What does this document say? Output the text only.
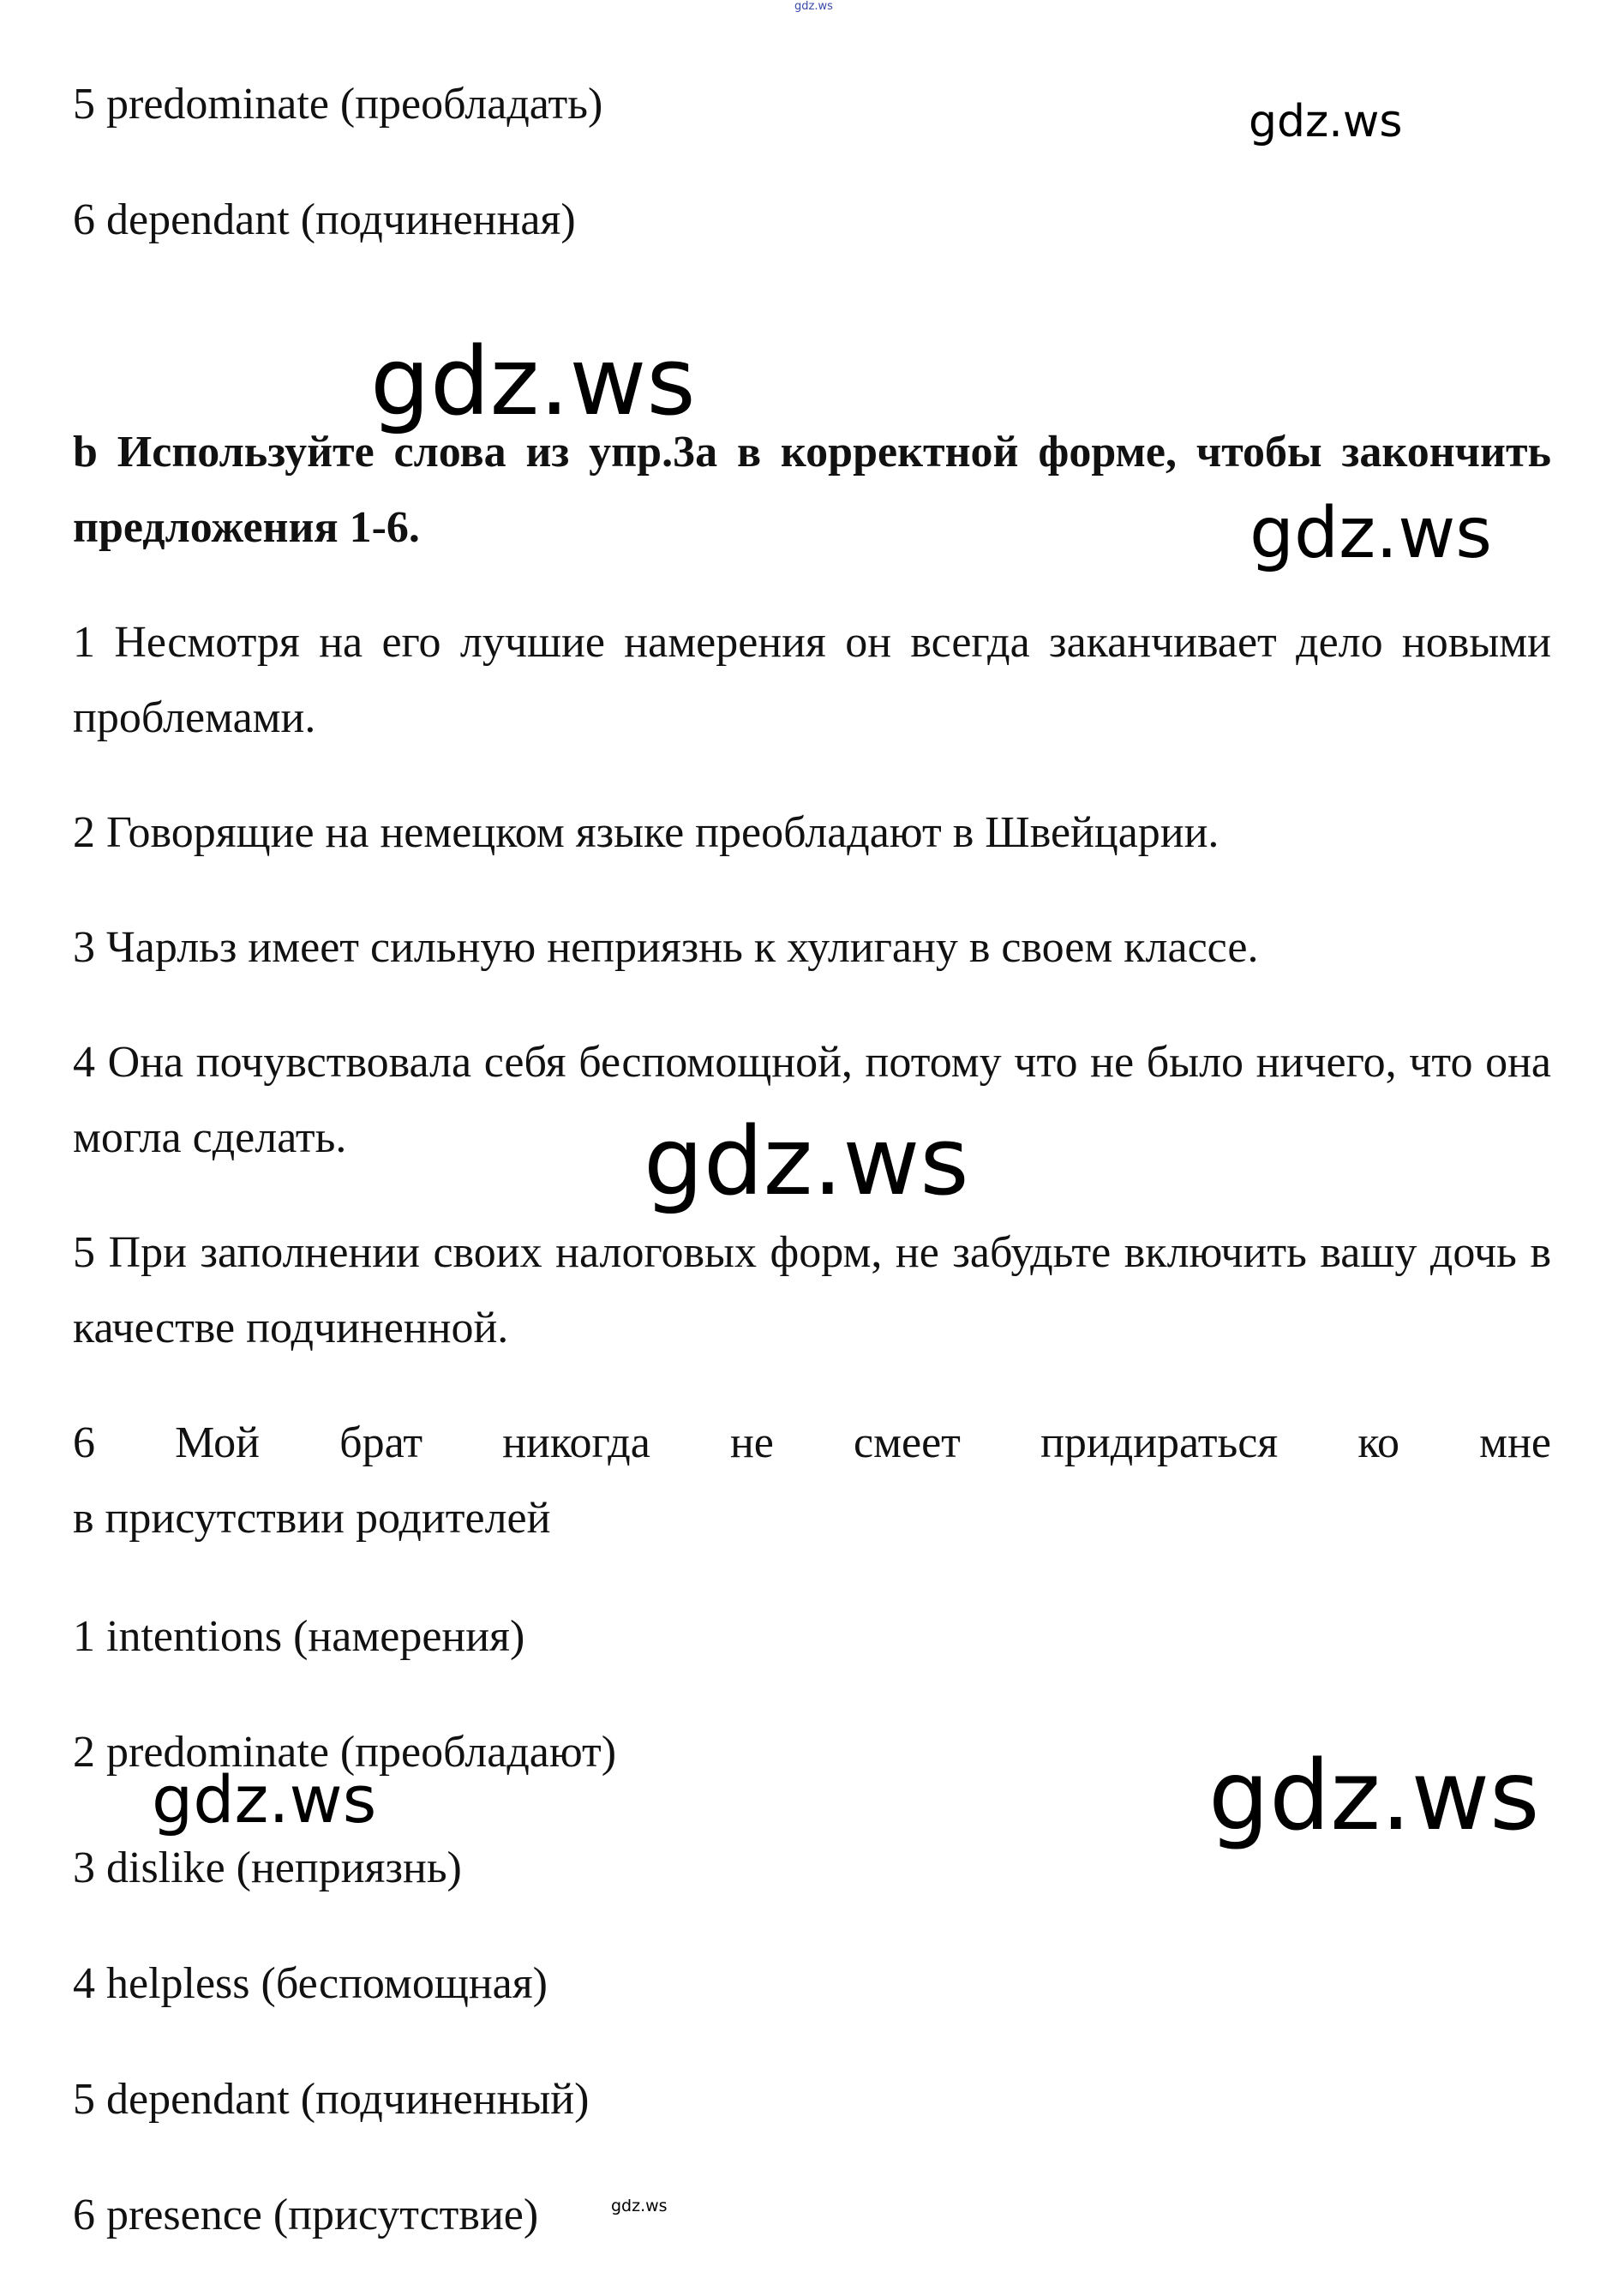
gdz.ws
gdz.ws
gdz.ws
gdz.ws
gdz.ws
gdz.ws	gdz.ws
gdz.ws

5 predominate (преобладать)

6 dependant (подчиненная)

b Используйте слова из упр.3а в корректной форме, чтобы закончить предложения 1-6.

1 Несмотря на его лучшие намерения он всегда заканчивает дело новыми проблемами.

2 Говорящие на немецком языке преобладают в Швейцарии.

3 Чарльз имеет сильную неприязнь к хулигану в своем классе.

4 Она почувствовала себя беспомощной, потому что не было ничего, что она могла сделать.

5 При заполнении своих налоговых форм, не забудьте включить вашу дочь в качестве подчиненной.

6 Мой брат никогда не смеет придираться ко мне

в присутствии родителей

1 intentions (намерения)

2 predominate (преобладают)

3 dislike (неприязнь)

4 helpless (беспомощная)

5 dependant (подчиненный)

6 presence (присутствие)
